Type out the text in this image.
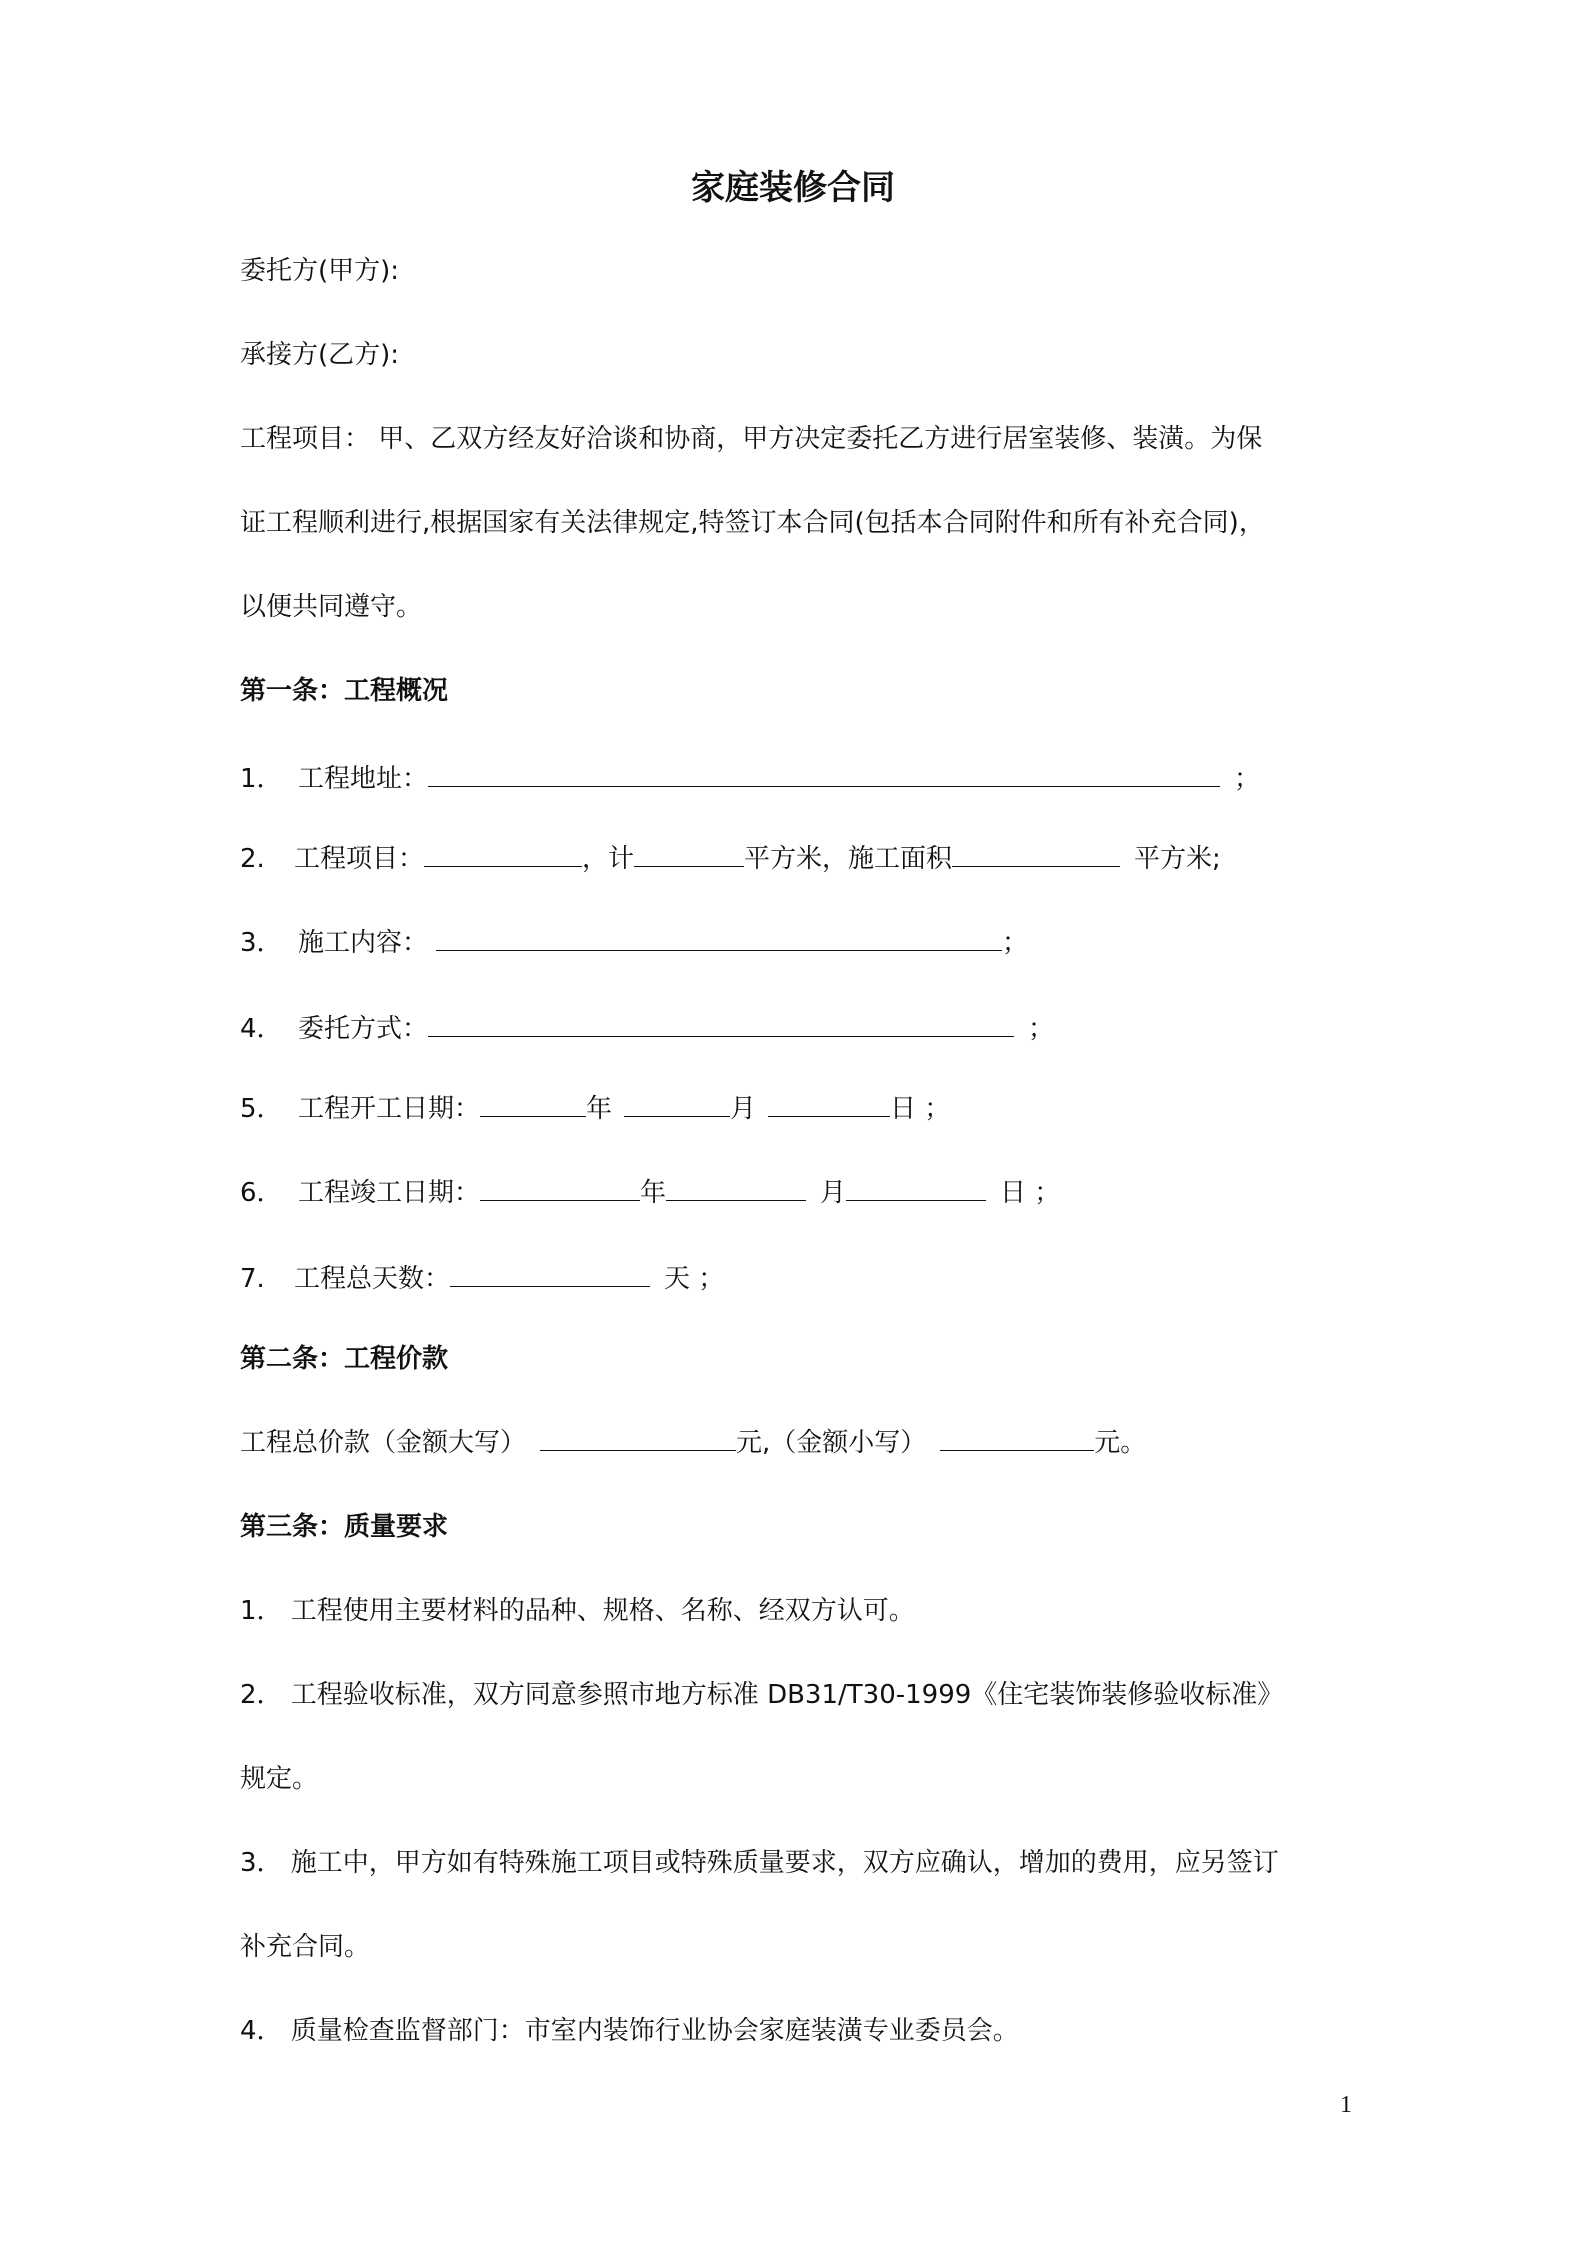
家庭装修合同
委托方(甲方):
承接方(乙方):
工程项目： 甲、乙双方经友好洽谈和协商，甲方决定委托乙方进行居室装修、装潢。为保
证工程顺利进行,根据国家有关法律规定,特签订本合同(包括本合同附件和所有补充合同)，
以便共同遵守。
第一条：工程概况
1． 工程地址：	；
2. 工程项目：	，计	平方米，施工面积	平方米;
3． 施工内容：	；
4． 委托方式：	；
5． 工程开工日期：	年	月	日 ；
6． 工程竣工日期：	年	月	日 ；
7. 工程总天数：	天 ；
第二条：工程价款
工程总价款（金额大写）	元,（金额小写）	元。
第三条：质量要求
1． 工程使用主要材料的品种、规格、名称、经双方认可。
2． 工程验收标准，双方同意参照市地方标准 DB31/T30-1999《住宅装饰装修验收标准》
规定。
3． 施工中，甲方如有特殊施工项目或特殊质量要求，双方应确认，增加的费用，应另签订
补充合同。
4． 质量检查监督部门：市室内装饰行业协会家庭装潢专业委员会。
1
